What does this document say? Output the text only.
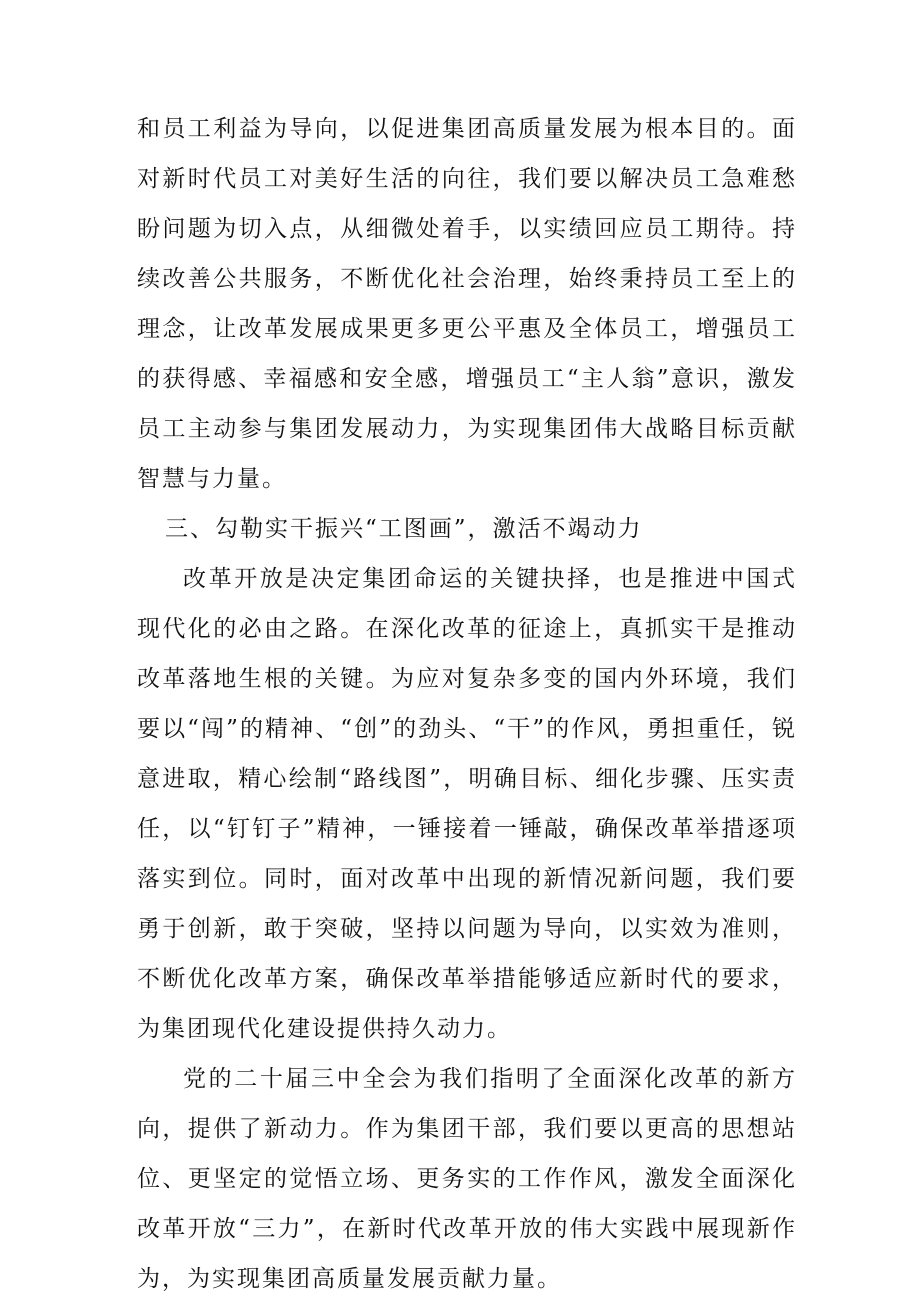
和员工利益为导向，以促进集团高质量发展为根本目的。面对新时代员工对美好生活的向往，我们要以解决员工急难愁盼问题为切入点，从细微处着手，以实绩回应员工期待。持续改善公共服务，不断优化社会治理，始终秉持员工至上的理念，让改革发展成果更多更公平惠及全体员工，增强员工的获得感、幸福感和安全感，增强员工“主人翁”意识，激发员工主动参与集团发展动力，为实现集团伟大战略目标贡献智慧与力量。

三、勾勒实干振兴“工图画”，激活不竭动力

改革开放是决定集团命运的关键抉择，也是推进中国式现代化的必由之路。在深化改革的征途上，真抓实干是推动改革落地生根的关键。为应对复杂多变的国内外环境，我们要以“闯”的精神、“创”的劲头、“干”的作风，勇担重任，锐意进取，精心绘制“路线图”，明确目标、细化步骤、压实责任，以“钉钉子”精神，一锤接着一锤敲，确保改革举措逐项落实到位。同时，面对改革中出现的新情况新问题，我们要勇于创新，敢于突破，坚持以问题为导向，以实效为准则，不断优化改革方案，确保改革举措能够适应新时代的要求，为集团现代化建设提供持久动力。

党的二十届三中全会为我们指明了全面深化改革的新方向，提供了新动力。作为集团干部，我们要以更高的思想站位、更坚定的觉悟立场、更务实的工作作风，激发全面深化改革开放“三力”，在新时代改革开放的伟大实践中展现新作为，为实现集团高质量发展贡献力量。
